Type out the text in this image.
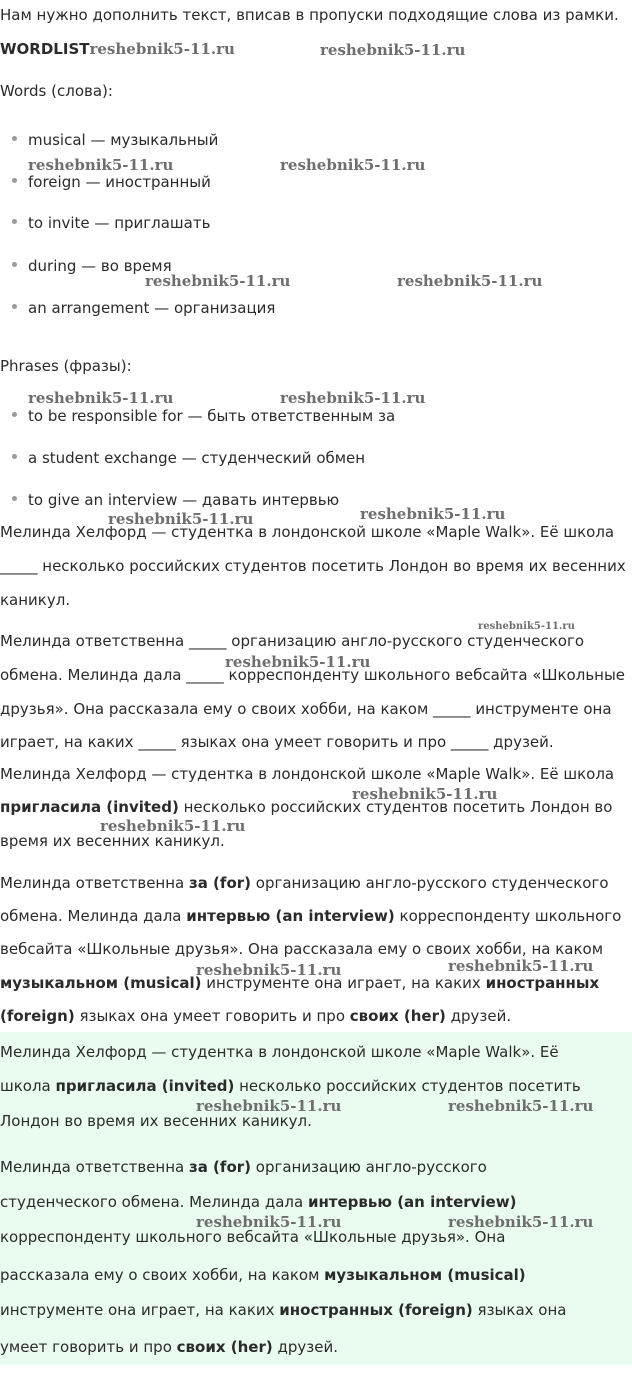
Нам нужно дополнить текст, вписав в пропуски подходящие слова из рамки.
WORDLISTreshebnik5-11.ru	reshebnik5-11.ru
Words (слова):
musical — музыкальный
foreign — иностранный
to invite — приглашать
during — во время
an arrangement — организация
reshebnik5-11.ru	reshebnik5-11.ru
reshebnik5-11.ru	reshebnik5-11.ru
Phrases (фразы):
reshebnik5-11.ru	reshebnik5-11.ru
to be responsible for — быть ответственным за
a student exchange — студенческий обмен
to give an interview — давать интервью
reshebnik5-11.ru
reshebnik5-11.ru
Мелинда Хелфорд — студентка в лондонской школе «Maple Walk». Её школа
_____ несколько российских студентов посетить Лондон во время их весенних
каникул.
Мелинда ответственна _____ организацию англо-русского студенческого
обмена. Мелинда дала _____ корреспонденту школьного вебсайта «Школьные
друзья». Она рассказала ему о своих хобби, на каком _____ инструменте она
играет, на каких _____ языках она умеет говорить и про _____ друзей.
reshebnik5-11.ru
reshebnik5-11.ru
Мелинда Хелфорд — студентка в лондонской школе «Maple Walk». Её школа
пригласила (invited) несколько российских студентов посетить Лондон во
время их весенних каникул.
Мелинда ответственна за (for) организацию англо-русского студенческого
обмена. Мелинда дала интервью (an interview) корреспонденту школьного
вебсайта «Школьные друзья». Она рассказала ему о своих хобби, на каком
музыкальном (musical) инструменте она играет, на каких иностранных
(foreign) языках она умеет говорить и про своих (her) друзей.
reshebnik5-11.ru
reshebnik5-11.ru
reshebnik5-11.ru
reshebnik5-11.ru
Мелинда Хелфорд — студентка в лондонской школе «Maple Walk». Её
школа пригласила (invited) несколько российских студентов посетить
Лондон во время их весенних каникул.
Мелинда ответственна за (for) организацию англо-русского
студенческого обмена. Мелинда дала интервью (an interview)
корреспонденту школьного вебсайта «Школьные друзья». Она
рассказала ему о своих хобби, на каком музыкальном (musical)
инструменте она играет, на каких иностранных (foreign) языках она
умеет говорить и про своих (her) друзей.
reshebnik5-11.ru	reshebnik5-11.ru
reshebnik5-11.ru	reshebnik5-11.ru
